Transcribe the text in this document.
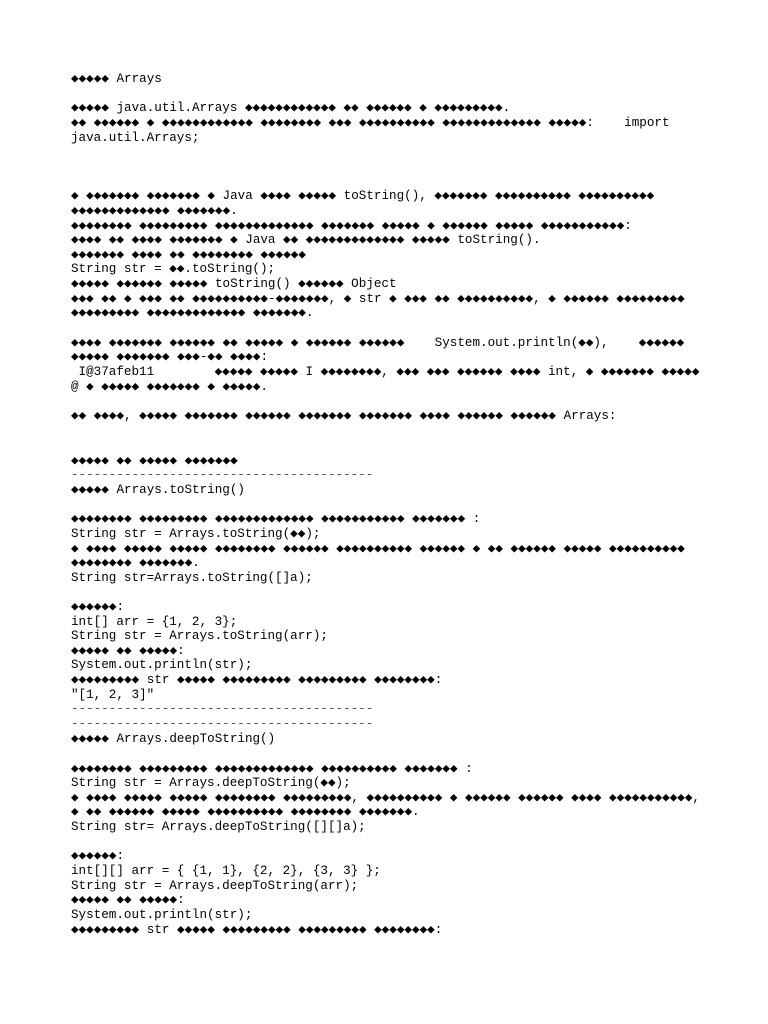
◆◆◆◆◆ Arrays

◆◆◆◆◆ java.util.Arrays ◆◆◆◆◆◆◆◆◆◆◆◆ ◆◆ ◆◆◆◆◆◆ ◆ ◆◆◆◆◆◆◆◆◆.

◆◆ ◆◆◆◆◆◆ ◆ ◆◆◆◆◆◆◆◆◆◆◆◆ ◆◆◆◆◆◆◆◆ ◆◆◆ ◆◆◆◆◆◆◆◆◆◆ ◆◆◆◆◆◆◆◆◆◆◆◆◆ ◆◆◆◆◆:    import

java.util.Arrays;

◆ ◆◆◆◆◆◆◆ ◆◆◆◆◆◆◆ ◆ Java ◆◆◆◆ ◆◆◆◆◆ toString(), ◆◆◆◆◆◆◆ ◆◆◆◆◆◆◆◆◆◆ ◆◆◆◆◆◆◆◆◆◆

◆◆◆◆◆◆◆◆◆◆◆◆◆ ◆◆◆◆◆◆◆.

◆◆◆◆◆◆◆◆ ◆◆◆◆◆◆◆◆◆ ◆◆◆◆◆◆◆◆◆◆◆◆◆ ◆◆◆◆◆◆◆ ◆◆◆◆◆ ◆ ◆◆◆◆◆◆ ◆◆◆◆◆ ◆◆◆◆◆◆◆◆◆◆◆:

◆◆◆◆ ◆◆ ◆◆◆◆ ◆◆◆◆◆◆◆ ◆ Java ◆◆ ◆◆◆◆◆◆◆◆◆◆◆◆◆ ◆◆◆◆◆ toString().

◆◆◆◆◆◆◆ ◆◆◆◆ ◆◆ ◆◆◆◆◆◆◆◆ ◆◆◆◆◆◆

String str = ◆◆.toString();

◆◆◆◆◆ ◆◆◆◆◆◆ ◆◆◆◆◆ toString() ◆◆◆◆◆◆ Object

◆◆◆ ◆◆ ◆ ◆◆◆ ◆◆ ◆◆◆◆◆◆◆◆◆◆-◆◆◆◆◆◆◆, ◆ str ◆ ◆◆◆ ◆◆ ◆◆◆◆◆◆◆◆◆◆, ◆ ◆◆◆◆◆◆ ◆◆◆◆◆◆◆◆◆

◆◆◆◆◆◆◆◆◆ ◆◆◆◆◆◆◆◆◆◆◆◆◆ ◆◆◆◆◆◆◆.

◆◆◆◆ ◆◆◆◆◆◆◆ ◆◆◆◆◆◆ ◆◆ ◆◆◆◆◆ ◆ ◆◆◆◆◆◆ ◆◆◆◆◆◆    System.out.println(◆◆),    ◆◆◆◆◆◆

◆◆◆◆◆ ◆◆◆◆◆◆◆ ◆◆◆-◆◆ ◆◆◆◆:

I@37afeb11        ◆◆◆◆◆ ◆◆◆◆◆ I ◆◆◆◆◆◆◆◆, ◆◆◆ ◆◆◆ ◆◆◆◆◆◆ ◆◆◆◆ int, ◆ ◆◆◆◆◆◆◆ ◆◆◆◆◆

@ ◆ ◆◆◆◆◆ ◆◆◆◆◆◆◆ ◆ ◆◆◆◆◆.

◆◆ ◆◆◆◆, ◆◆◆◆◆ ◆◆◆◆◆◆◆ ◆◆◆◆◆◆ ◆◆◆◆◆◆◆ ◆◆◆◆◆◆◆ ◆◆◆◆ ◆◆◆◆◆◆ ◆◆◆◆◆◆ Arrays:

◆◆◆◆◆ ◆◆ ◆◆◆◆◆ ◆◆◆◆◆◆◆

----------------------------------------

◆◆◆◆◆ Arrays.toString()

◆◆◆◆◆◆◆◆ ◆◆◆◆◆◆◆◆◆ ◆◆◆◆◆◆◆◆◆◆◆◆◆ ◆◆◆◆◆◆◆◆◆◆◆ ◆◆◆◆◆◆◆ :

String str = Arrays.toString(◆◆);

◆ ◆◆◆◆ ◆◆◆◆◆ ◆◆◆◆◆ ◆◆◆◆◆◆◆◆ ◆◆◆◆◆◆ ◆◆◆◆◆◆◆◆◆◆ ◆◆◆◆◆◆ ◆ ◆◆ ◆◆◆◆◆◆ ◆◆◆◆◆ ◆◆◆◆◆◆◆◆◆◆

◆◆◆◆◆◆◆◆ ◆◆◆◆◆◆◆.

String str=Arrays.toString([]a);

◆◆◆◆◆◆:

int[] arr = {1, 2, 3};

String str = Arrays.toString(arr);

◆◆◆◆◆ ◆◆ ◆◆◆◆◆:

System.out.println(str);

◆◆◆◆◆◆◆◆◆ str ◆◆◆◆◆ ◆◆◆◆◆◆◆◆◆ ◆◆◆◆◆◆◆◆◆ ◆◆◆◆◆◆◆◆:

"[1, 2, 3]"

----------------------------------------

----------------------------------------

◆◆◆◆◆ Arrays.deepToString()

◆◆◆◆◆◆◆◆ ◆◆◆◆◆◆◆◆◆ ◆◆◆◆◆◆◆◆◆◆◆◆◆ ◆◆◆◆◆◆◆◆◆◆ ◆◆◆◆◆◆◆ :

String str = Arrays.deepToString(◆◆);

◆ ◆◆◆◆ ◆◆◆◆◆ ◆◆◆◆◆ ◆◆◆◆◆◆◆◆ ◆◆◆◆◆◆◆◆◆, ◆◆◆◆◆◆◆◆◆◆ ◆ ◆◆◆◆◆◆ ◆◆◆◆◆◆ ◆◆◆◆ ◆◆◆◆◆◆◆◆◆◆◆,

◆ ◆◆ ◆◆◆◆◆◆ ◆◆◆◆◆ ◆◆◆◆◆◆◆◆◆◆ ◆◆◆◆◆◆◆◆ ◆◆◆◆◆◆◆.

String str= Arrays.deepToString([][]a);

◆◆◆◆◆◆:

int[][] arr = { {1, 1}, {2, 2}, {3, 3} };

String str = Arrays.deepToString(arr);

◆◆◆◆◆ ◆◆ ◆◆◆◆◆:

System.out.println(str);

◆◆◆◆◆◆◆◆◆ str ◆◆◆◆◆ ◆◆◆◆◆◆◆◆◆ ◆◆◆◆◆◆◆◆◆ ◆◆◆◆◆◆◆◆:
